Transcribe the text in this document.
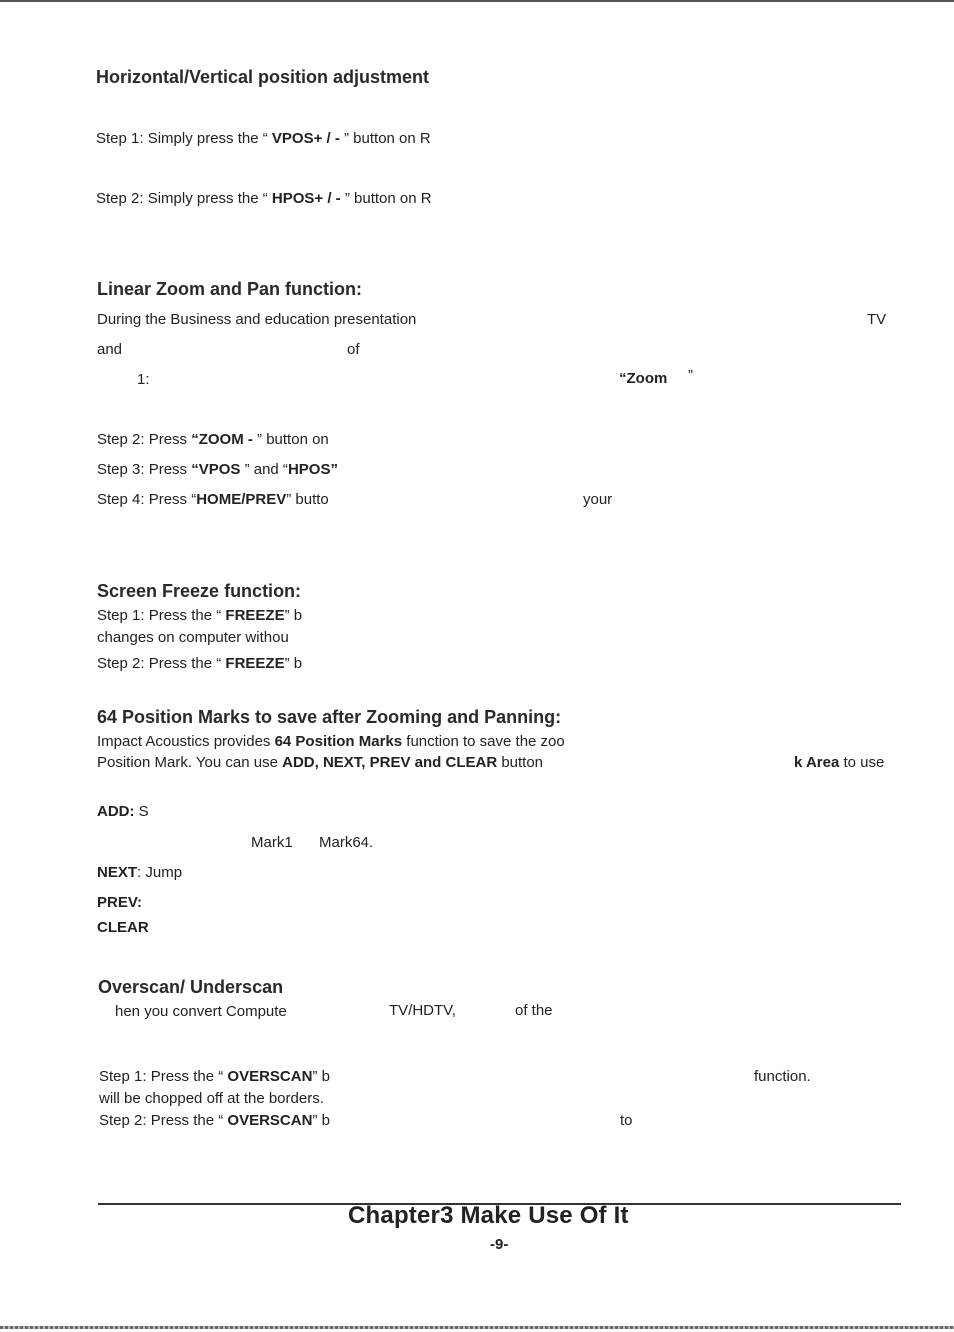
Horizontal/Vertical position adjustment
Step 1: Simply press the “ VPOS+ / - ” button on R
Step 2: Simply press the “ HPOS+ / - ” button on R
Linear Zoom and Pan function:
During the Business and education presentation	TV
and	of
1:	“Zoom ”
Step 2: Press “ZOOM - ” button on
Step 3: Press “VPOS ” and “HPOS”
Step 4: Press “HOME/PREV” butto	your
Screen Freeze function:
Step 1: Press the “ FREEZE” b
changes on computer withou
Step 2: Press the “ FREEZE” b
64 Position Marks to save after Zooming and Panning:
Impact Acoustics provides 64 Position Marks function to save the zoo
Position Mark. You can use ADD, NEXT, PREV and CLEAR button	k Area to use
ADD: S
Mark1 Mark64.
NEXT: Jump
PREV:
CLEAR
Overscan/ Underscan
hen you convert Compute	TV/HDTV,	of the
Step 1: Press the “ OVERSCAN” b	function.
will be chopped off at the borders.
Step 2: Press the “ OVERSCAN” b	to
Chapter3 Make Use Of It
-9-
